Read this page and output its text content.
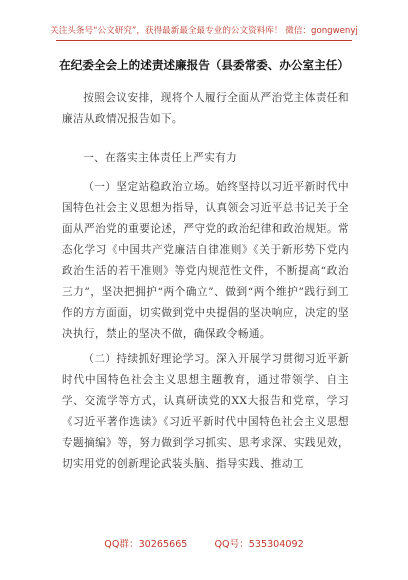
关注头条号“公文研究”，获得最新最全最专业的公文资料库！ 微信：gongwenyj
在纪委全会上的述责述廉报告（县委常委、办公室主任）

按照会议安排，现将个人履行全面从严治党主体责任和廉洁从政情况报告如下。

一、在落实主体责任上严实有力

（一）坚定站稳政治立场。始终坚持以习近平新时代中国特色社会主义思想为指导，认真领会习近平总书记关于全面从严治党的重要论述，严守党的政治纪律和政治规矩。常态化学习《中国共产党廉洁自律准则》《关于新形势下党内政治生活的若干准则》等党内规范性文件，不断提高“政治三力”，坚决把拥护“两个确立”、做到“两个维护”践行到工作的方方面面，切实做到党中央提倡的坚决响应，决定的坚决执行，禁止的坚决不做，确保政令畅通。

（二）持续抓好理论学习。深入开展学习贯彻习近平新时代中国特色社会主义思想主题教育，通过带领学、自主学、交流学等方式，认真研读党的XX大报告和党章，学习《习近平著作选读》《习近平新时代中国特色社会主义思想专题摘编》等，努力做到学习抓实、思考求深、实践见效，切实用党的创新理论武装头脑、指导实践、推动工

QQ群：30265665	QQ号：535304092
